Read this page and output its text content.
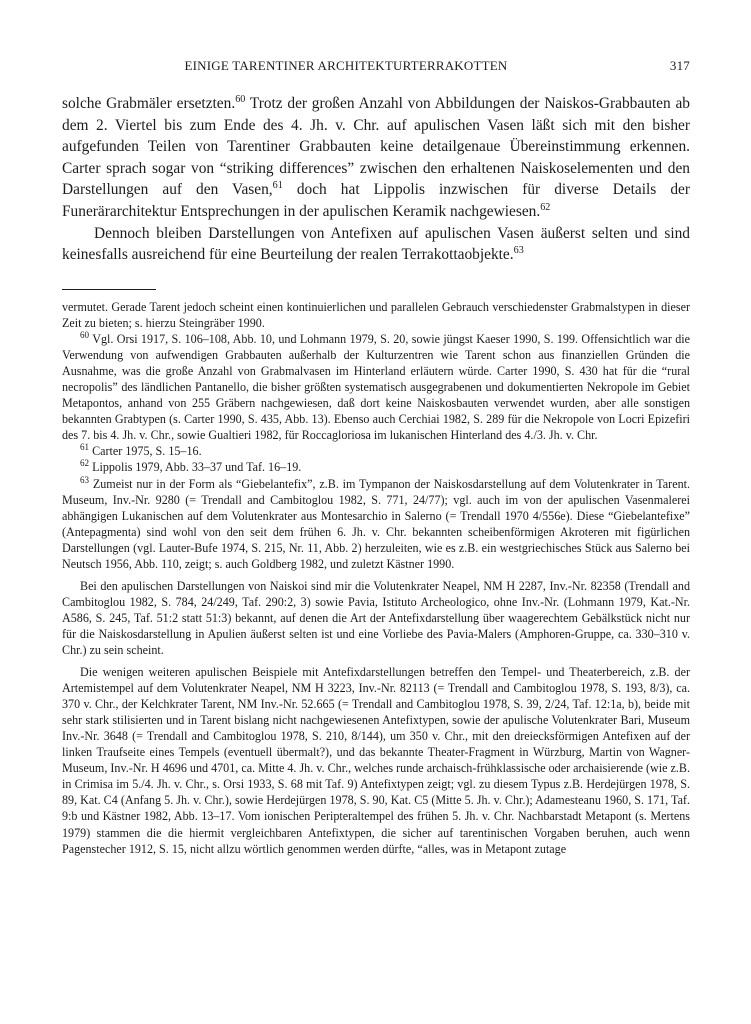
EINIGE TARENTINER ARCHITEKTURTERRAKOTTEN	317

solche Grabmäler ersetzten.$^{60}$ Trotz der großen Anzahl von Abbildungen der Naiskos-Grabbauten ab dem 2. Viertel bis zum Ende des 4. Jh. v. Chr. auf apulischen Vasen läßt sich mit den bisher aufgefunden Teilen von Tarentiner Grabbauten keine detailgenaue Übereinstimmung erkennen. Carter sprach sogar von “striking differences” zwischen den erhaltenen Naiskoselementen und den Darstellungen auf den Vasen,$^{61}$ doch hat Lippolis inzwischen für diverse Details der Funerärarchitektur Entsprechungen in der apulischen Keramik nachgewiesen.$^{62}$

Dennoch bleiben Darstellungen von Antefixen auf apulischen Vasen äußerst selten und sind keinesfalls ausreichend für eine Beurteilung der realen Terrakottaobjekte.$^{63}$

vermutet. Gerade Tarent jedoch scheint einen kontinuierlichen und parallelen Gebrauch verschiedenster Grabmalstypen in dieser Zeit zu bieten; s. hierzu Steingräber 1990.

$^{60}$ Vgl. Orsi 1917, S. 106–108, Abb. 10, und Lohmann 1979, S. 20, sowie jüngst Kaeser 1990, S. 199. Offensichtlich war die Verwendung von aufwendigen Grabbauten außerhalb der Kulturzentren wie Tarent schon aus finanziellen Gründen die Ausnahme, was die große Anzahl von Grabmalvasen im Hinterland erläutern würde. Carter 1990, S. 430 hat für die “rural necropolis” des ländlichen Pantanello, die bisher größten systematisch ausgegrabenen und dokumentierten Nekropole im Gebiet Metapontos, anhand von 255 Gräbern nachgewiesen, daß dort keine Naiskosbauten verwendet wurden, aber alle sonstigen bekannten Grabtypen (s. Carter 1990, S. 435, Abb. 13). Ebenso auch Cerchiai 1982, S. 289 für die Nekropole von Locri Epizefiri des 7. bis 4. Jh. v. Chr., sowie Gualtieri 1982, für Roccagloriosa im lukanischen Hinterland des 4./3. Jh. v. Chr.

$^{61}$ Carter 1975, S. 15–16.

$^{62}$ Lippolis 1979, Abb. 33–37 und Taf. 16–19.

$^{63}$ Zumeist nur in der Form als “Giebelantefix”, z.B. im Tympanon der Naiskosdarstellung auf dem Volutenkrater in Tarent. Museum, Inv.-Nr. 9280 (= Trendall and Cambitoglou 1982, S. 771, 24/77); vgl. auch im von der apulischen Vasenmalerei abhängigen Lukanischen auf dem Volutenkrater aus Montesarchio in Salerno (= Trendall 1970 4/556e). Diese “Giebelantefixe” (Antepagmenta) sind wohl von den seit dem frühen 6. Jh. v. Chr. bekannten scheibenförmigen Akroteren mit figürlichen Darstellungen (vgl. Lauter-Bufe 1974, S. 215, Nr. 11, Abb. 2) herzuleiten, wie es z.B. ein westgriechisches Stück aus Salerno bei Neutsch 1956, Abb. 110, zeigt; s. auch Goldberg 1982, und zuletzt Kästner 1990.

Bei den apulischen Darstellungen von Naiskoi sind mir die Volutenkrater Neapel, NM H 2287, Inv.-Nr. 82358 (Trendall and Cambitoglou 1982, S. 784, 24/249, Taf. 290:2, 3) sowie Pavia, Istituto Archeologico, ohne Inv.-Nr. (Lohmann 1979, Kat.-Nr. A586, S. 245, Taf. 51:2 statt 51:3) bekannt, auf denen die Art der Antefixdarstellung über waagerechtem Gebälkstück nicht nur für die Naiskosdarstellung in Apulien äußerst selten ist und eine Vorliebe des Pavia-Malers (Amphoren-Gruppe, ca. 330–310 v. Chr.) zu sein scheint.

Die wenigen weiteren apulischen Beispiele mit Antefixdarstellungen betreffen den Tempel- und Theaterbereich, z.B. der Artemistempel auf dem Volutenkrater Neapel, NM H 3223, Inv.-Nr. 82113 (= Trendall and Cambitoglou 1978, S. 193, 8/3), ca. 370 v. Chr., der Kelchkrater Tarent, NM Inv.-Nr. 52.665 (= Trendall and Cambitoglou 1978, S. 39, 2/24, Taf. 12:1a, b), beide mit sehr stark stilisierten und in Tarent bislang nicht nachgewiesenen Antefixtypen, sowie der apulische Volutenkrater Bari, Museum Inv.-Nr. 3648 (= Trendall and Cambitoglou 1978, S. 210, 8/144), um 350 v. Chr., mit den dreiecksförmigen Antefixen auf der linken Traufseite eines Tempels (eventuell übermalt?), und das bekannte Theater-Fragment in Würzburg, Martin von Wagner-Museum, Inv.-Nr. H 4696 und 4701, ca. Mitte 4. Jh. v. Chr., welches runde archaisch-frühklassische oder archaisierende (wie z.B. in Crimisa im 5./4. Jh. v. Chr., s. Orsi 1933, S. 68 mit Taf. 9) Antefixtypen zeigt; vgl. zu diesem Typus z.B. Herdejürgen 1978, S. 89, Kat. C4 (Anfang 5. Jh. v. Chr.), sowie Herdejürgen 1978, S. 90, Kat. C5 (Mitte 5. Jh. v. Chr.); Adamesteanu 1960, S. 171, Taf. 9:b und Kästner 1982, Abb. 13–17. Vom ionischen Peripteraltempel des frühen 5. Jh. v. Chr. Nachbarstadt Metapont (s. Mertens 1979) stammen die die hiermit vergleichbaren Antefixtypen, die sicher auf tarentinischen Vorgaben beruhen, auch wenn Pagenstecher 1912, S. 15, nicht allzu wörtlich genommen werden dürfte, “alles, was in Metapont zutage
